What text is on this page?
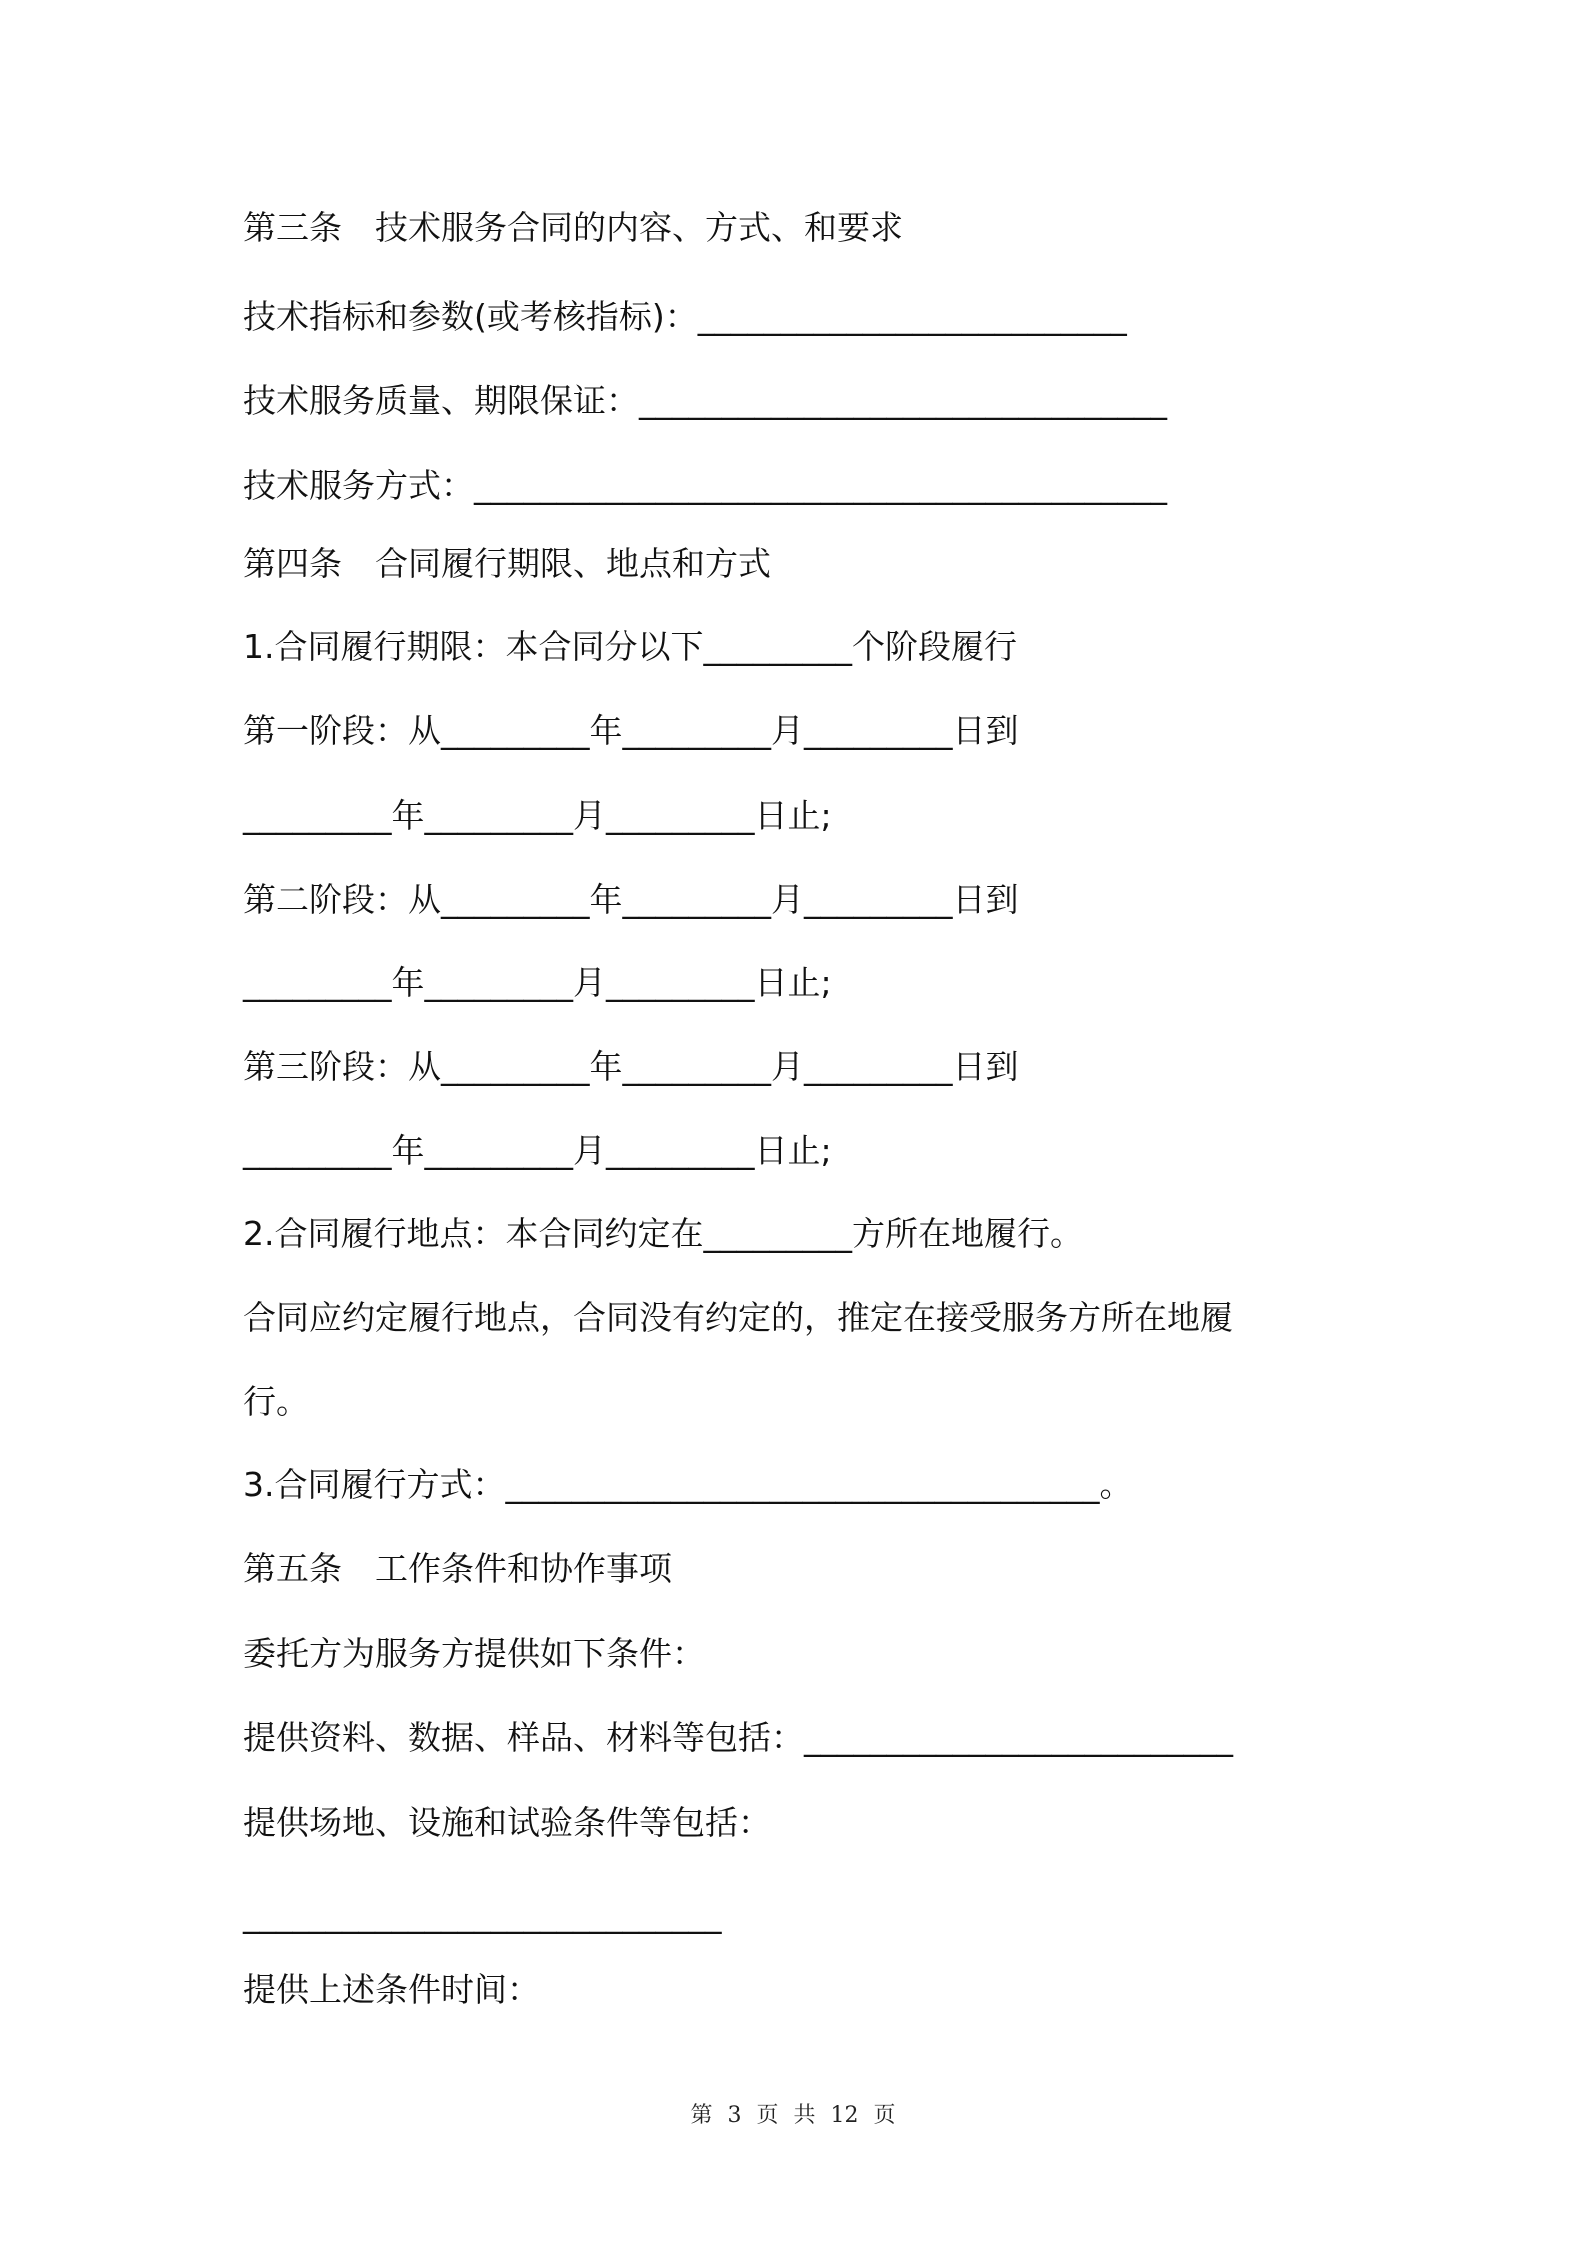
第三条　技术服务合同的内容、方式、和要求
技术指标和参数(或考核指标)：__________________________
技术服务质量、期限保证：________________________________
技术服务方式：__________________________________________
第四条　合同履行期限、地点和方式
1.合同履行期限：本合同分以下_________个阶段履行
第一阶段：从_________年_________月_________日到
_________年_________月_________日止;
第二阶段：从_________年_________月_________日到
_________年_________月_________日止;
第三阶段：从_________年_________月_________日到
_________年_________月_________日止;
2.合同履行地点：本合同约定在_________方所在地履行。
合同应约定履行地点，合同没有约定的，推定在接受服务方所在地履
行。
3.合同履行方式：____________________________________。
第五条　工作条件和协作事项
委托方为服务方提供如下条件：
提供资料、数据、样品、材料等包括：__________________________
提供场地、设施和试验条件等包括：
_____________________________
提供上述条件时间：
第 3 页 共 12 页
